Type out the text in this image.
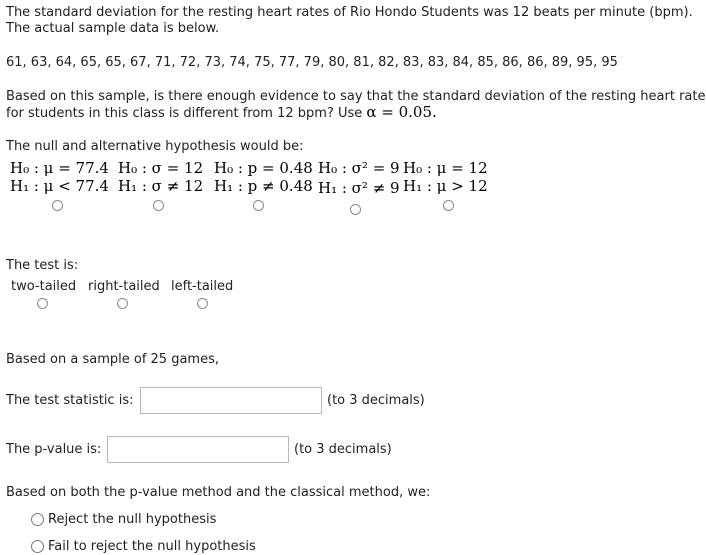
The standard deviation for the resting heart rates of Rio Hondo Students was 12 beats per minute (bpm).
The actual sample data is below.
61, 63, 64, 65, 65, 67, 71, 72, 73, 74, 75, 77, 79, 80, 81, 82, 83, 83, 84, 85, 86, 86, 89, 95, 95
Based on this sample, is there enough evidence to say that the standard deviation of the resting heart rate
for students in this class is different from 12 bpm? Use α = 0.05.
The null and alternative hypothesis would be:
H₀ : μ = 77.4
H₁ : μ < 77.4
H₀ : σ = 12
H₁ : σ ≠ 12
H₀ : p = 0.48
H₁ : p ≠ 0.48
H₀ : σ² = 9
H₁ : σ² ≠ 9
H₀ : μ = 12
H₁ : μ > 12
The test is:
two-tailed right-tailed left-tailed
Based on a sample of 25 games,
The test statistic is:	(to 3 decimals)
The p-value is:	(to 3 decimals)
Based on both the p-value method and the classical method, we:
Reject the null hypothesis
Fail to reject the null hypothesis
